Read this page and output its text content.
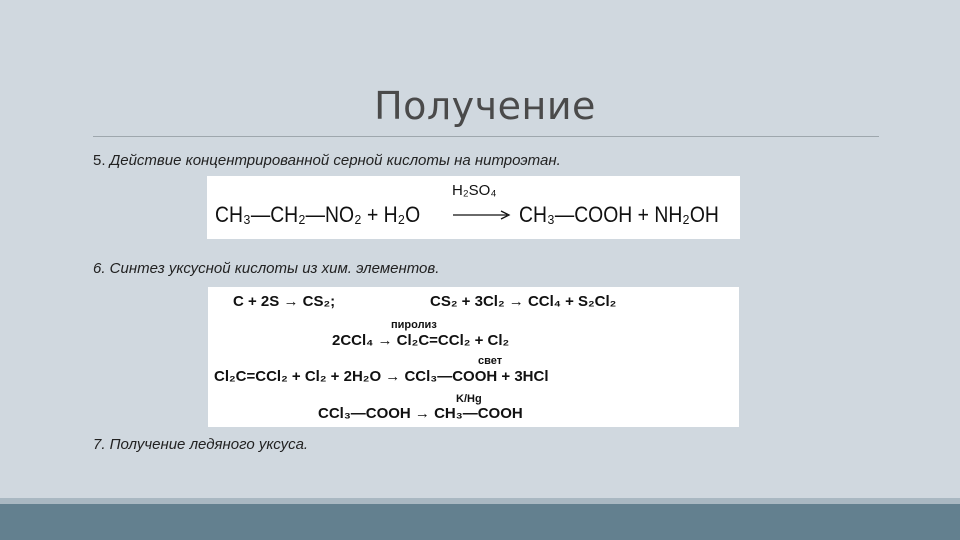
Получение
5. Действие концентрированной серной кислоты на нитроэтан.
H₂SO₄
CH₃—CH₂—NO₂ + H₂O	CH₃—COOH + NH₂OH
6. Синтез уксусной кислоты из хим. элементов.
C + 2S → CS₂;	CS₂ + 3Cl₂ → CCl₄ + S₂Cl₂
пиролиз
2CCl₄ → Cl₂C=CCl₂ + Cl₂
свет
Cl₂C=CCl₂ + Cl₂ + 2H₂O → CCl₃—COOH + 3HCl
K/Hg
CCl₃—COOH → CH₃—COOH
7. Получение ледяного уксуса.
